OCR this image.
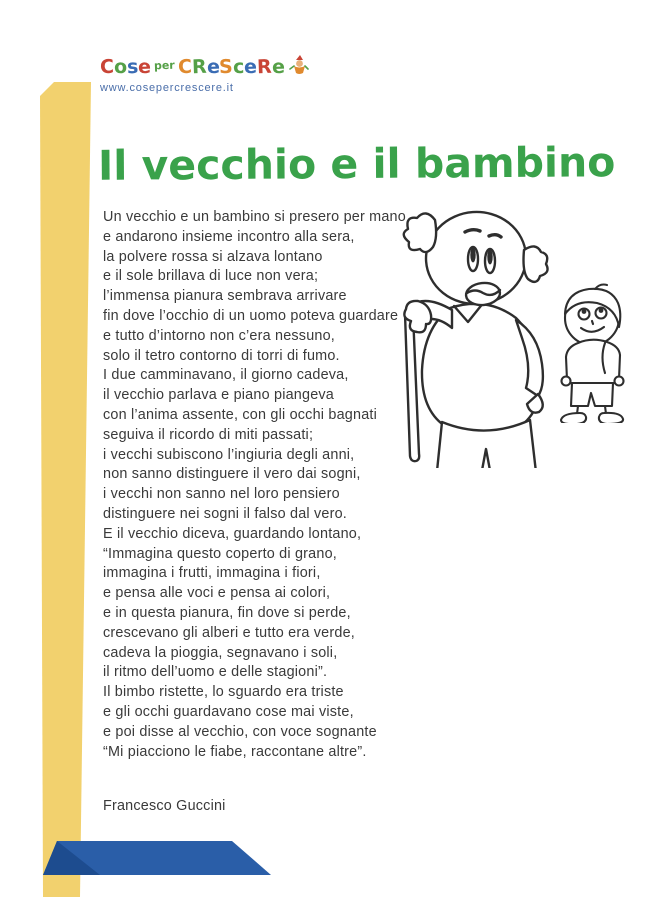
C o s e per C R e S c e R e
www.cosepercrescere.it
Il vecchio e il bambino
Un vecchio e un bambino si presero per mano
e andarono insieme incontro alla sera,
la polvere rossa si alzava lontano
e il sole brillava di luce non vera;
l’immensa pianura sembrava arrivare
fin dove l’occhio di un uomo poteva guardare
e tutto d’intorno non c’era nessuno,
solo il tetro contorno di torri di fumo.
I due camminavano, il giorno cadeva,
il vecchio parlava e piano piangeva
con l’anima assente, con gli occhi bagnati
seguiva il ricordo di miti passati;
i vecchi subiscono l’ingiuria degli anni,
non sanno distinguere il vero dai sogni,
i vecchi non sanno nel loro pensiero
distinguere nei sogni il falso dal vero.
E il vecchio diceva, guardando lontano,
“Immagina questo coperto di grano,
immagina i frutti, immagina i fiori,
e pensa alle voci e pensa ai colori,
e in questa pianura, fin dove si perde,
crescevano gli alberi e tutto era verde,
cadeva la pioggia, segnavano i soli,
il ritmo dell’uomo e delle stagioni”.
Il bimbo ristette, lo sguardo era triste
e gli occhi guardavano cose mai viste,
e poi disse al vecchio, con voce sognante
“Mi piacciono le fiabe, raccontane altre”.
Francesco Guccini
